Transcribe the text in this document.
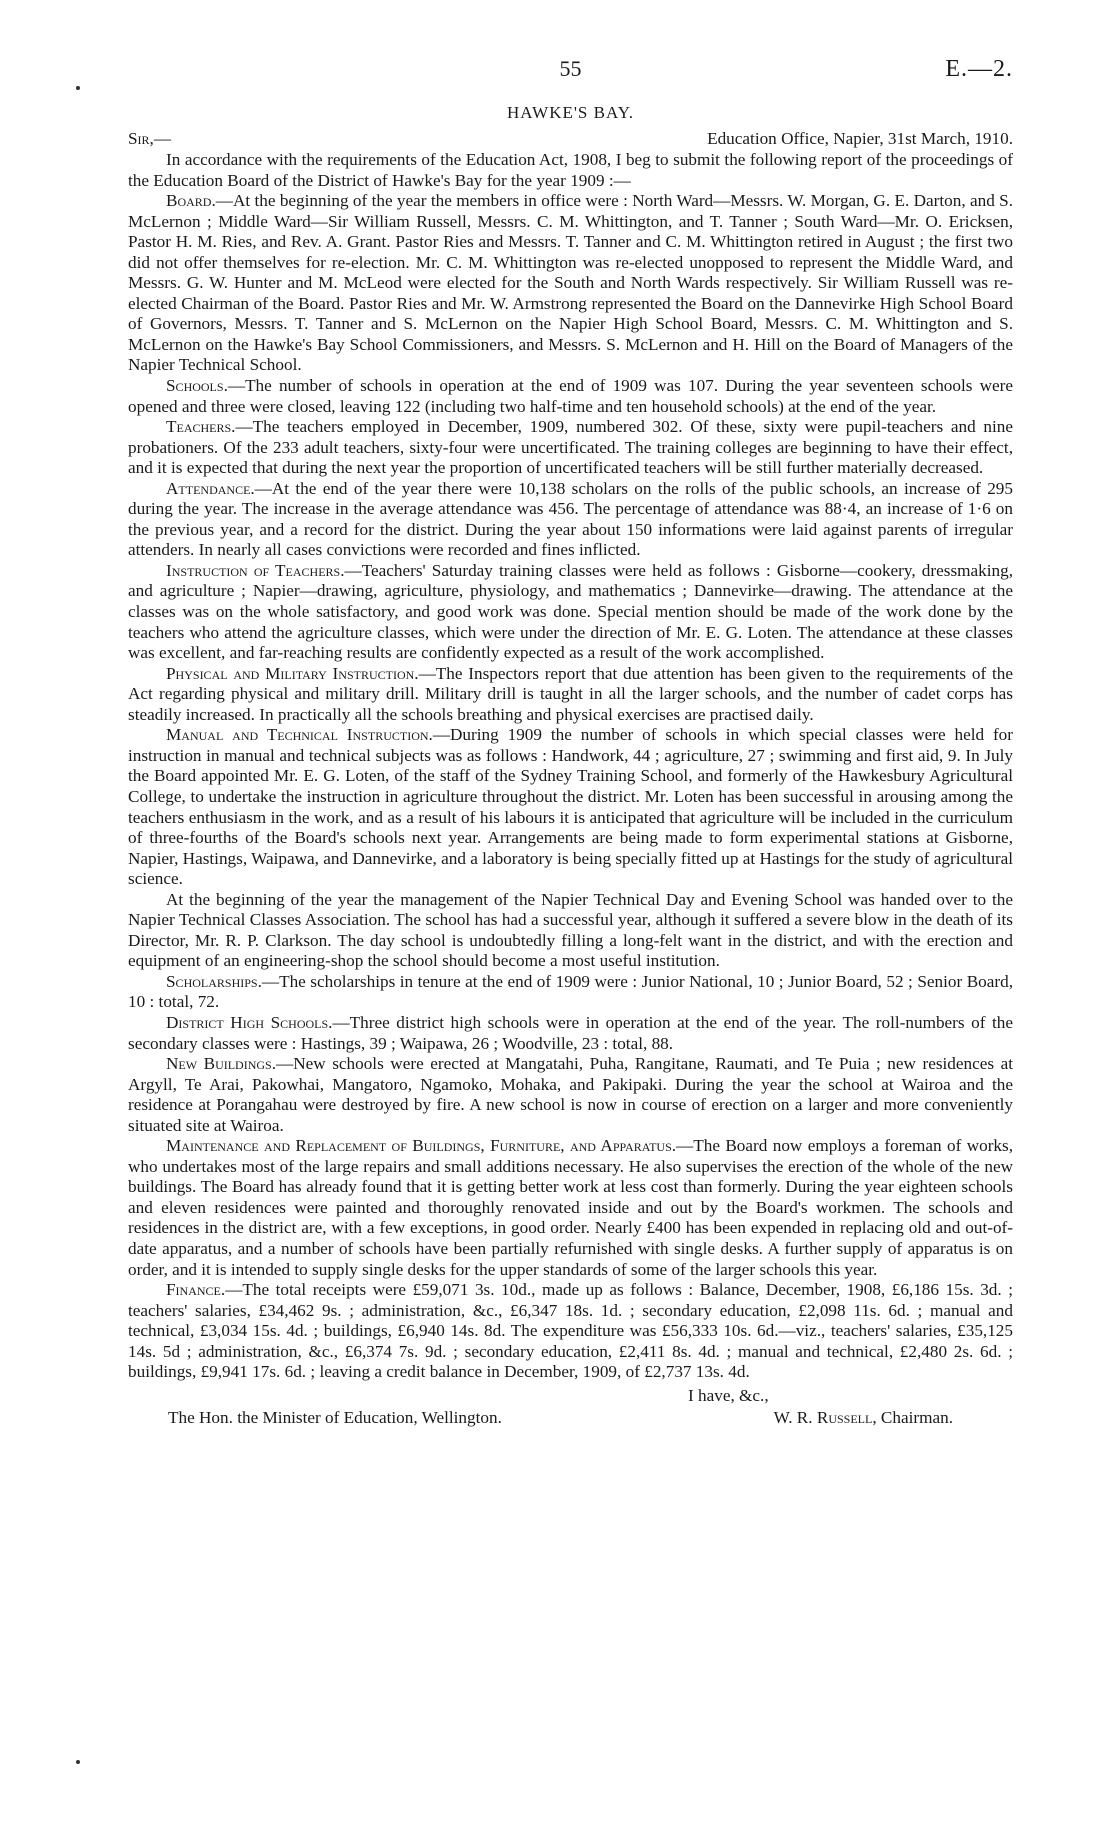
55	E.—2.
HAWKE'S BAY.
Sir,—	Education Office, Napier, 31st March, 1910.

In accordance with the requirements of the Education Act, 1908, I beg to submit the following report of the proceedings of the Education Board of the District of Hawke's Bay for the year 1909 :—

Board.—At the beginning of the year the members in office were : North Ward—Messrs. W. Morgan, G. E. Darton, and S. McLernon ; Middle Ward—Sir William Russell, Messrs. C. M. Whittington, and T. Tanner ; South Ward—Mr. O. Ericksen, Pastor H. M. Ries, and Rev. A. Grant. Pastor Ries and Messrs. T. Tanner and C. M. Whittington retired in August ; the first two did not offer themselves for re-election. Mr. C. M. Whittington was re-elected unopposed to represent the Middle Ward, and Messrs. G. W. Hunter and M. McLeod were elected for the South and North Wards respectively. Sir William Russell was re-elected Chairman of the Board. Pastor Ries and Mr. W. Armstrong represented the Board on the Dannevirke High School Board of Governors, Messrs. T. Tanner and S. McLernon on the Napier High School Board, Messrs. C. M. Whittington and S. McLernon on the Hawke's Bay School Commissioners, and Messrs. S. McLernon and H. Hill on the Board of Managers of the Napier Technical School.

Schools.—The number of schools in operation at the end of 1909 was 107. During the year seventeen schools were opened and three were closed, leaving 122 (including two half-time and ten household schools) at the end of the year.

Teachers.—The teachers employed in December, 1909, numbered 302. Of these, sixty were pupil-teachers and nine probationers. Of the 233 adult teachers, sixty-four were uncertificated. The training colleges are beginning to have their effect, and it is expected that during the next year the proportion of uncertificated teachers will be still further materially decreased.

Attendance.—At the end of the year there were 10,138 scholars on the rolls of the public schools, an increase of 295 during the year. The increase in the average attendance was 456. The percentage of attendance was 88·4, an increase of 1·6 on the previous year, and a record for the district. During the year about 150 informations were laid against parents of irregular attenders. In nearly all cases convictions were recorded and fines inflicted.

Instruction of Teachers.—Teachers' Saturday training classes were held as follows : Gisborne—cookery, dressmaking, and agriculture ; Napier—drawing, agriculture, physiology, and mathematics ; Dannevirke—drawing. The attendance at the classes was on the whole satisfactory, and good work was done. Special mention should be made of the work done by the teachers who attend the agriculture classes, which were under the direction of Mr. E. G. Loten. The attendance at these classes was excellent, and far-reaching results are confidently expected as a result of the work accomplished.

Physical and Military Instruction.—The Inspectors report that due attention has been given to the requirements of the Act regarding physical and military drill. Military drill is taught in all the larger schools, and the number of cadet corps has steadily increased. In practically all the schools breathing and physical exercises are practised daily.

Manual and Technical Instruction.—During 1909 the number of schools in which special classes were held for instruction in manual and technical subjects was as follows : Handwork, 44 ; agriculture, 27 ; swimming and first aid, 9. In July the Board appointed Mr. E. G. Loten, of the staff of the Sydney Training School, and formerly of the Hawkesbury Agricultural College, to undertake the instruction in agriculture throughout the district. Mr. Loten has been successful in arousing among the teachers enthusiasm in the work, and as a result of his labours it is anticipated that agriculture will be included in the curriculum of three-fourths of the Board's schools next year. Arrangements are being made to form experimental stations at Gisborne, Napier, Hastings, Waipawa, and Dannevirke, and a laboratory is being specially fitted up at Hastings for the study of agricultural science.

At the beginning of the year the management of the Napier Technical Day and Evening School was handed over to the Napier Technical Classes Association. The school has had a successful year, although it suffered a severe blow in the death of its Director, Mr. R. P. Clarkson. The day school is undoubtedly filling a long-felt want in the district, and with the erection and equipment of an engineering-shop the school should become a most useful institution.

Scholarships.—The scholarships in tenure at the end of 1909 were : Junior National, 10 ; Junior Board, 52 ; Senior Board, 10 : total, 72.

District High Schools.—Three district high schools were in operation at the end of the year. The roll-numbers of the secondary classes were : Hastings, 39 ; Waipawa, 26 ; Woodville, 23 : total, 88.

New Buildings.—New schools were erected at Mangatahi, Puha, Rangitane, Raumati, and Te Puia ; new residences at Argyll, Te Arai, Pakowhai, Mangatoro, Ngamoko, Mohaka, and Pakipaki. During the year the school at Wairoa and the residence at Porangahau were destroyed by fire. A new school is now in course of erection on a larger and more conveniently situated site at Wairoa.

Maintenance and Replacement of Buildings, Furniture, and Apparatus.—The Board now employs a foreman of works, who undertakes most of the large repairs and small additions necessary. He also supervises the erection of the whole of the new buildings. The Board has already found that it is getting better work at less cost than formerly. During the year eighteen schools and eleven residences were painted and thoroughly renovated inside and out by the Board's workmen. The schools and residences in the district are, with a few exceptions, in good order. Nearly £400 has been expended in replacing old and out-of-date apparatus, and a number of schools have been partially refurnished with single desks. A further supply of apparatus is on order, and it is intended to supply single desks for the upper standards of some of the larger schools this year.

Finance.—The total receipts were £59,071 3s. 10d., made up as follows : Balance, December, 1908, £6,186 15s. 3d. ; teachers' salaries, £34,462 9s. ; administration, &c., £6,347 18s. 1d. ; secondary education, £2,098 11s. 6d. ; manual and technical, £3,034 15s. 4d. ; buildings, £6,940 14s. 8d. The expenditure was £56,333 10s. 6d.—viz., teachers' salaries, £35,125 14s. 5d ; administration, &c., £6,374 7s. 9d. ; secondary education, £2,411 8s. 4d. ; manual and technical, £2,480 2s. 6d. ; buildings, £9,941 17s. 6d. ; leaving a credit balance in December, 1909, of £2,737 13s. 4d.

I have, &c.,
The Hon. the Minister of Education, Wellington.	W. R. Russell, Chairman.
